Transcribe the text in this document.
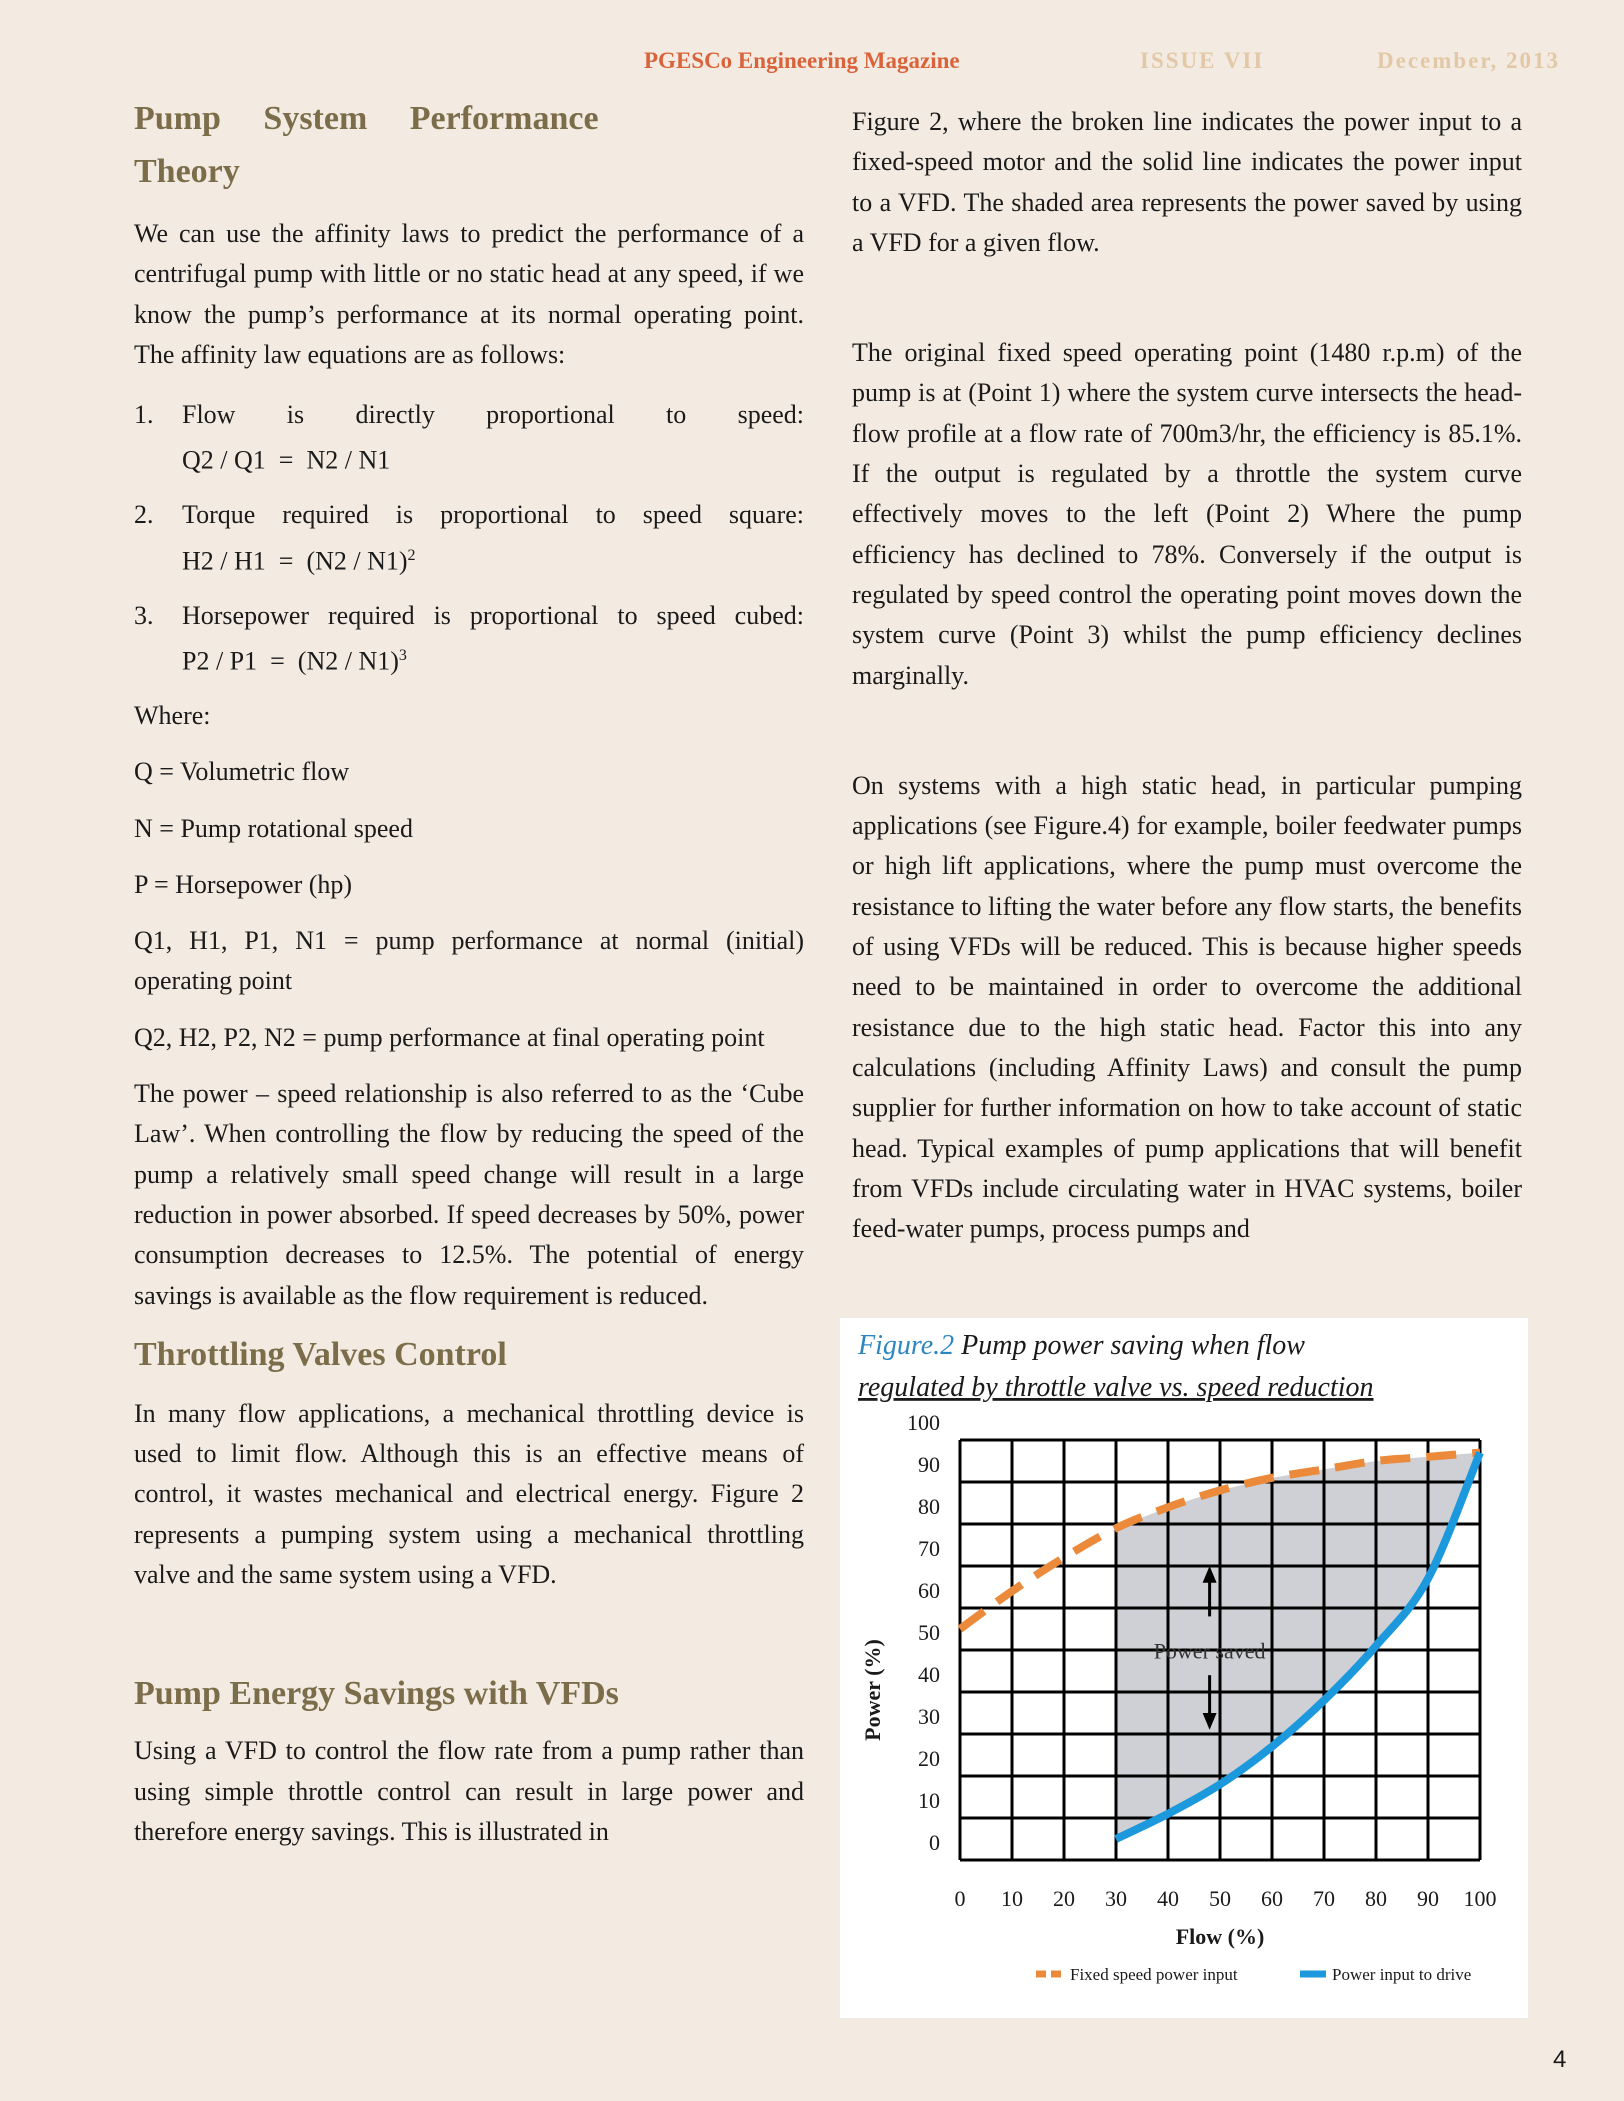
PGESCo Engineering Magazine	ISSUE VII	December, 2013
Pump System Performance
Theory

We can use the affinity laws to predict the performance of a centrifugal pump with little or no static head at any speed, if we know the pump’s performance at its normal operating point. The affinity law equations are as follows:

1. Flow is directly proportional to speed:

Q2 / Q1  =  N2 / N1

2. Torque required is proportional to speed square:

H2 / H1  =  (N2 / N1)$^2$

3. Horsepower required is proportional to speed cubed:

P2 / P1  =  (N2 / N1)$^3$

Where:

Q = Volumetric flow

N = Pump rotational speed

P = Horsepower (hp)

Q1, H1, P1, N1 = pump performance at normal (initial) operating point

Q2, H2, P2, N2 = pump performance at final operating point

The power – speed relationship is also referred to as the ‘Cube Law’. When controlling the flow by reducing the speed of the pump a relatively small speed change will result in a large reduction in power absorbed. If speed decreases by 50%, power consumption decreases to 12.5%. The potential of energy savings is available as the flow requirement is reduced.

Throttling Valves Control

In many flow applications, a mechanical throttling device is used to limit flow. Although this is an effective means of control, it wastes mechanical and electrical energy. Figure 2 represents a pumping system using a mechanical throttling valve and the same system using a VFD.

Pump Energy Savings with VFDs

Using a VFD to control the flow rate from a pump rather than using simple throttle control can result in large power and therefore energy savings. This is illustrated in

Figure 2, where the broken line indicates the power input to a fixed-speed motor and the solid line indicates the power input to a VFD. The shaded area represents the power saved by using a VFD for a given flow.

The original fixed speed operating point (1480 r.p.m) of the pump is at (Point 1) where the system curve intersects the head-flow profile at a flow rate of 700m3/hr, the efficiency is 85.1%. If the output is regulated by a throttle the system curve effectively moves to the left (Point 2) Where the pump efficiency has declined to 78%. Conversely if the output is regulated by speed control the operating point moves down the system curve (Point 3) whilst the pump efficiency declines marginally.

On systems with a high static head, in particular pumping applications (see Figure.4) for example, boiler feedwater pumps or high lift applications, where the pump must overcome the resistance to lifting the water before any flow starts, the benefits of using VFDs will be reduced. This is because higher speeds need to be maintained in order to overcome the additional resistance due to the high static head. Factor this into any calculations (including Affinity Laws) and consult the pump supplier for further information on how to take account of static head. Typical examples of pump applications that will benefit from VFDs include circulating water in HVAC systems, boiler feed-water pumps, process pumps and

Figure.2 Pump power saving when flow
regulated by throttle valve vs. speed reduction
0
10
20
30
40
50
60
70
80
90
100
0 10 20 30 40 50 60 70 80 90 100
Power (%)
Flow (%)
Power saved
Fixed speed power input	Power input to drive
4
